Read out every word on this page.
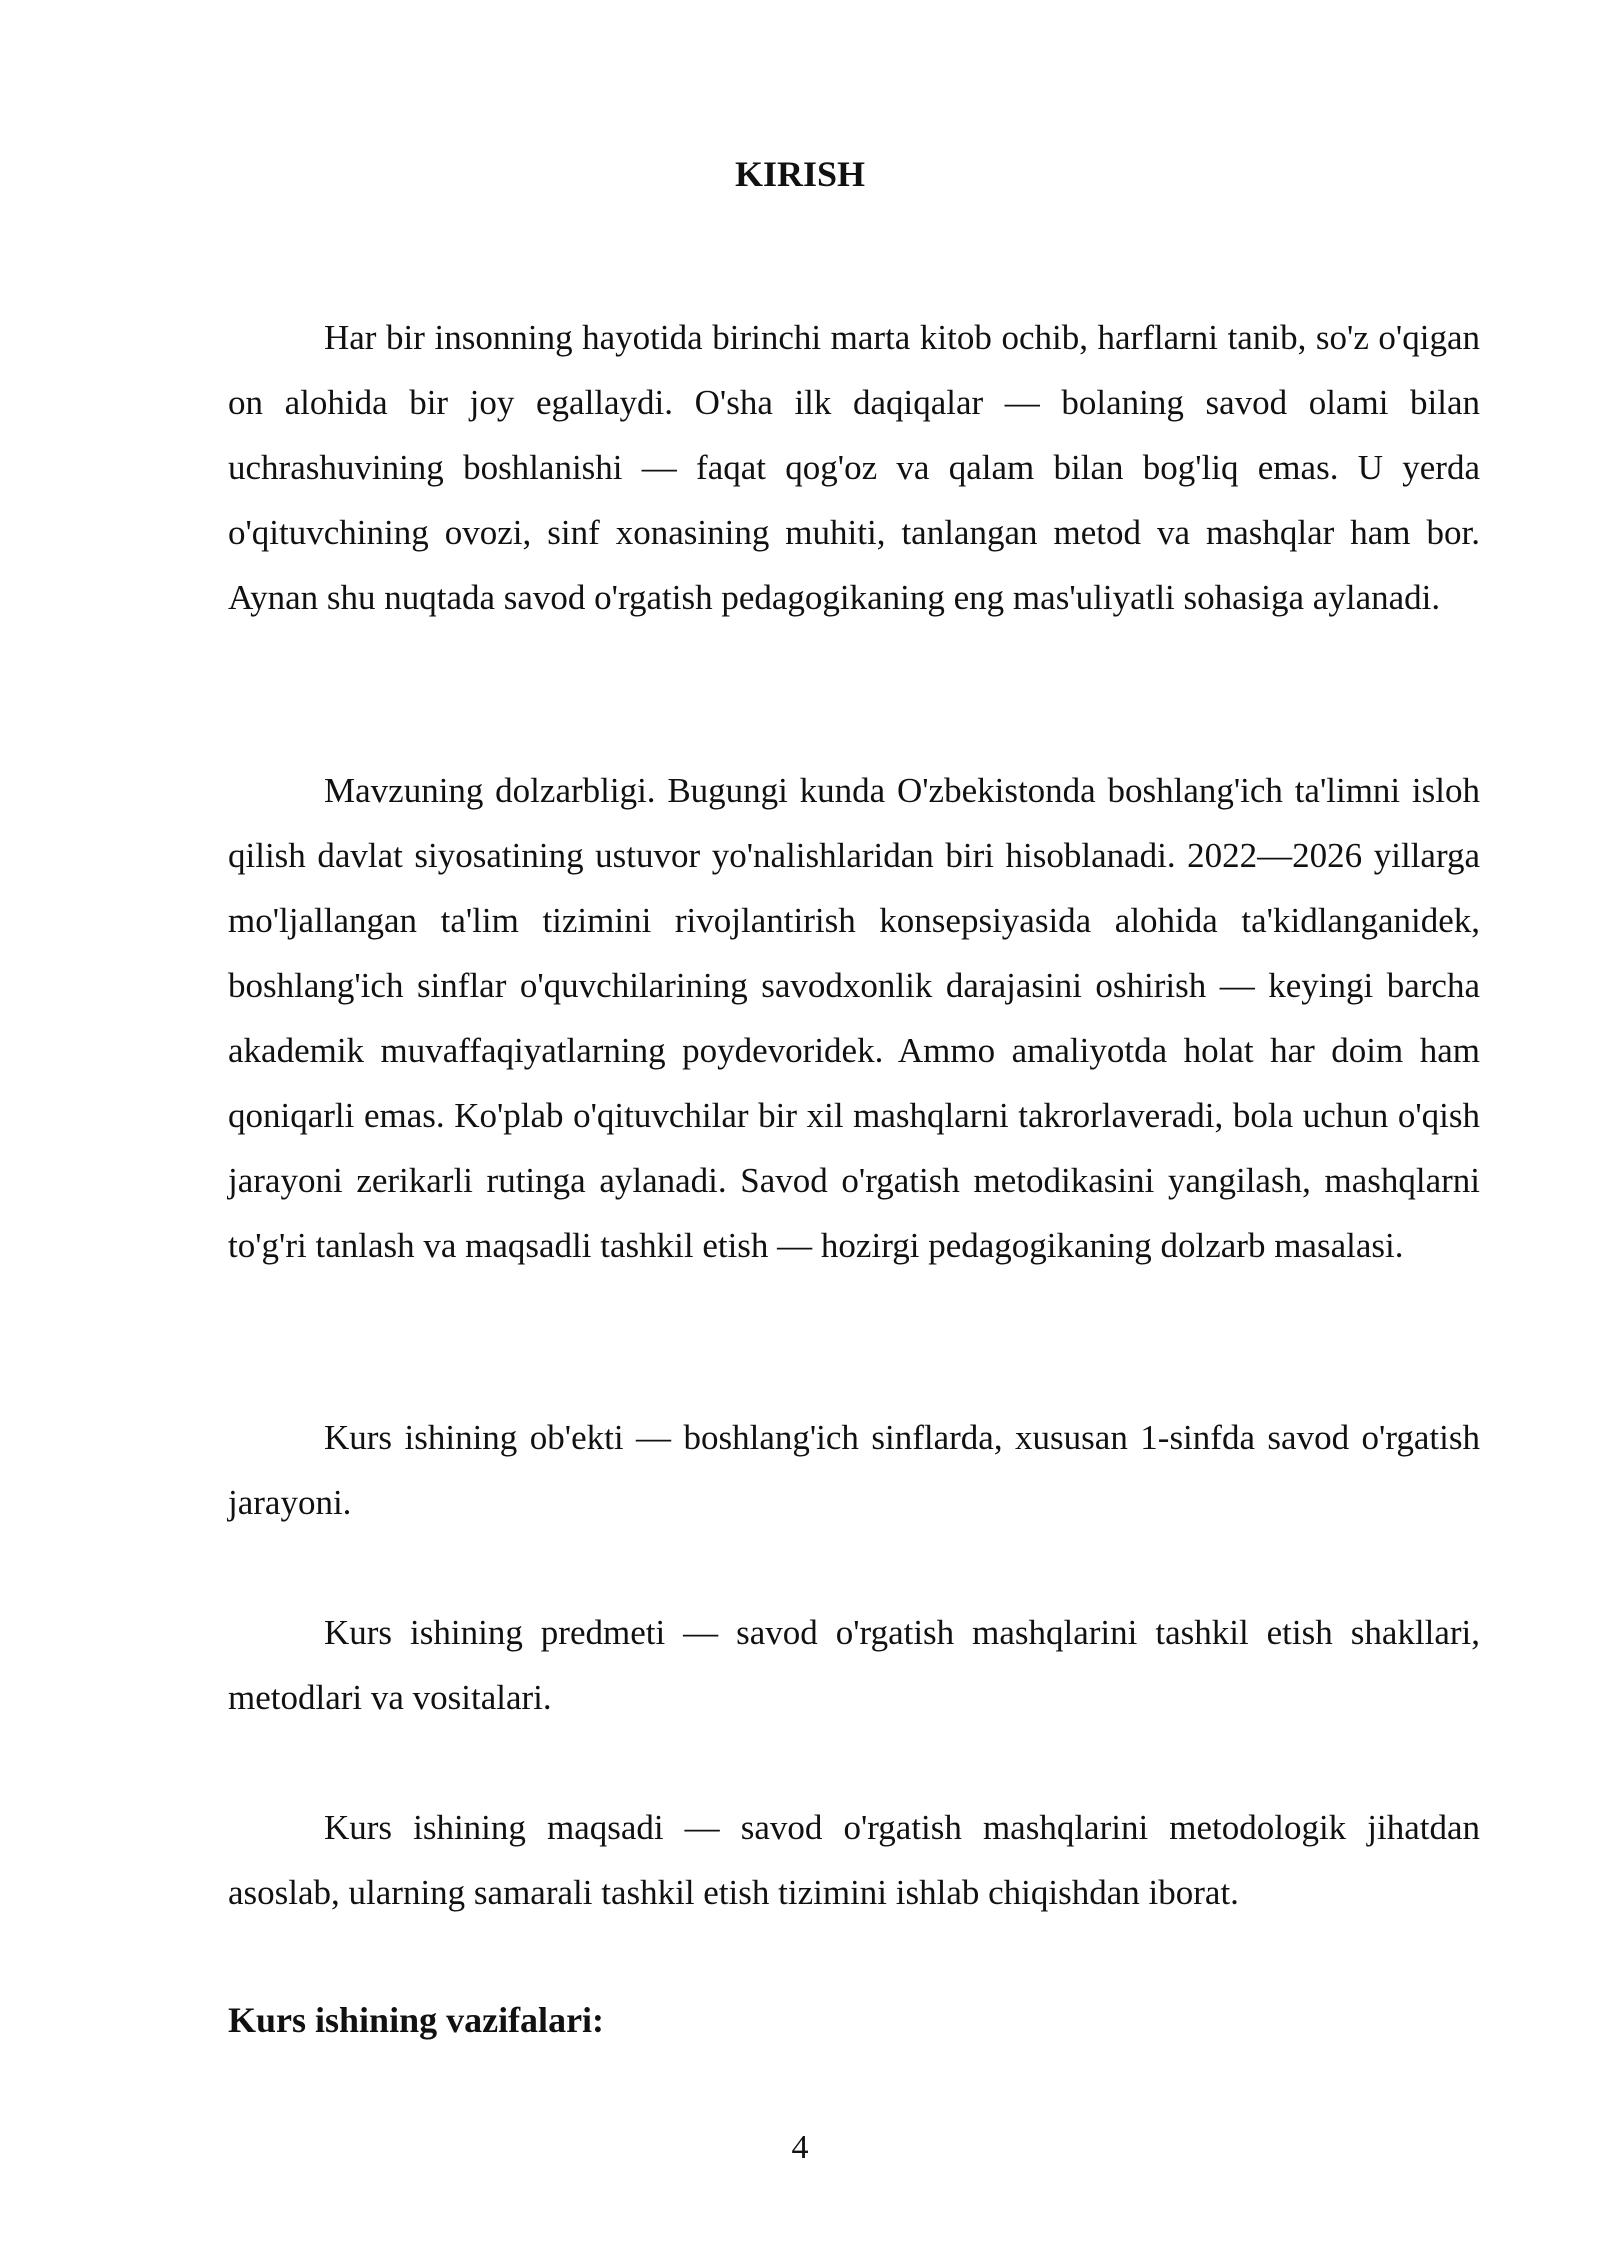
KIRISH

Har bir insonning hayotida birinchi marta kitob ochib, harflarni tanib, so'z o'qigan on alohida bir joy egallaydi. O'sha ilk daqiqalar — bolaning savod olami bilan uchrashuvining boshlanishi — faqat qog'oz va qalam bilan bog'liq emas. U yerda o'qituvchining ovozi, sinf xonasining muhiti, tanlangan metod va mashqlar ham bor. Aynan shu nuqtada savod o'rgatish pedagogikaning eng mas'uliyatli sohasiga aylanadi.

Mavzuning dolzarbligi. Bugungi kunda O'zbekistonda boshlang'ich ta'limni isloh qilish davlat siyosatining ustuvor yo'nalishlaridan biri hisoblanadi. 2022—2026 yillarga mo'ljallangan ta'lim tizimini rivojlantirish konsepsiyasida alohida ta'kidlanganidek, boshlang'ich sinflar o'quvchilarining savodxonlik darajasini oshirish — keyingi barcha akademik muvaffaqiyatlarning poydevoridek. Ammo amaliyotda holat har doim ham qoniqarli emas. Ko'plab o'qituvchilar bir xil mashqlarni takrorlaveradi, bola uchun o'qish jarayoni zerikarli rutinga aylanadi. Savod o'rgatish metodikasini yangilash, mashqlarni to'g'ri tanlash va maqsadli tashkil etish — hozirgi pedagogikaning dolzarb masalasi.

Kurs ishining ob'ekti — boshlang'ich sinflarda, xususan 1-sinfda savod o'rgatish jarayoni.

Kurs ishining predmeti — savod o'rgatish mashqlarini tashkil etish shakllari, metodlari va vositalari.

Kurs ishining maqsadi — savod o'rgatish mashqlarini metodologik jihatdan asoslab, ularning samarali tashkil etish tizimini ishlab chiqishdan iborat.

Kurs ishining vazifalari:
4
